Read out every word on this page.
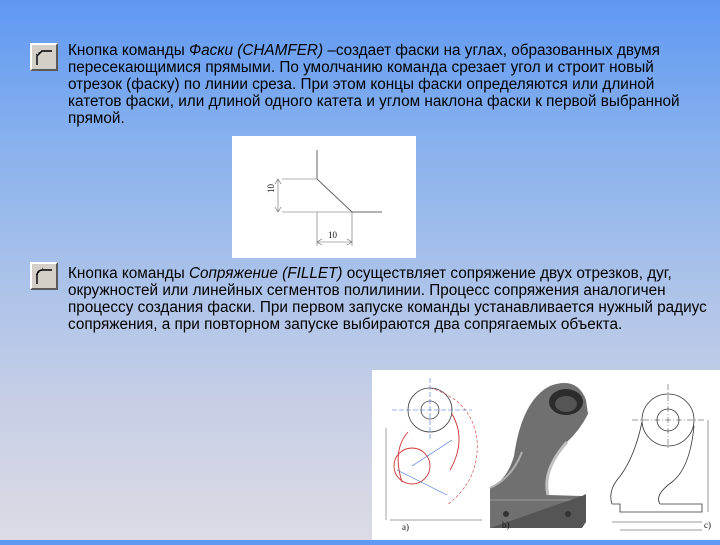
Кнопка команды Фаски (CHAMFER) –создает фаски на углах, образованных двумя пересекающимися прямыми. По умолчанию команда срезает угол и строит новый отрезок (фаску) по линии среза. При этом концы фаски определяются или длиной катетов фаски, или длиной одного катета и углом наклона фаски к первой выбранной прямой.
10
10
Кнопка команды Сопряжение (FILLET) осуществляет сопряжение двух отрезков, дуг, окружностей или линейных сегментов полилинии. Процесс сопряжения аналогичен процессу создания фаски. При первом запуске команды устанавливается нужный радиус сопряжения, а при повторном запуске выбираются два сопрягаемых объекта.
a)	b)	c)
